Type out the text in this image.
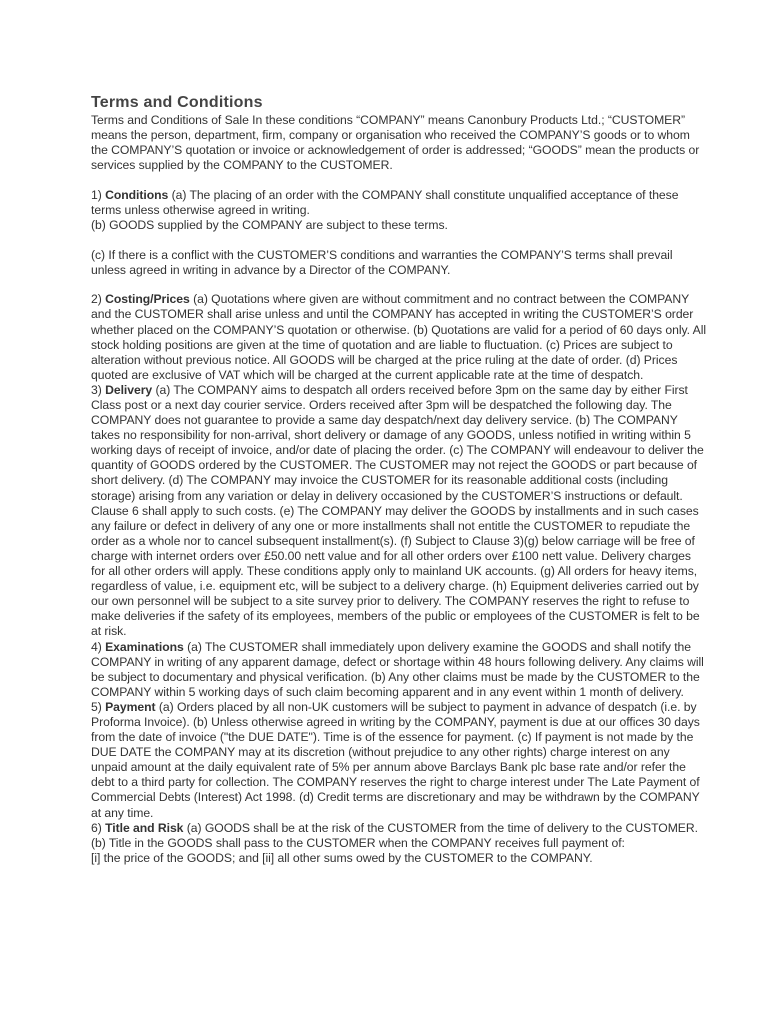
Terms and Conditions

Terms and Conditions of Sale In these conditions “COMPANY” means Canonbury Products Ltd.; “CUSTOMER” means the person, department, firm, company or organisation who received the COMPANY’S goods or to whom the COMPANY’S quotation or invoice or acknowledgement of order is addressed; “GOODS” mean the products or services supplied by the COMPANY to the CUSTOMER.

1) Conditions (a) The placing of an order with the COMPANY shall constitute unqualified acceptance of these terms unless otherwise agreed in writing.
(b) GOODS supplied by the COMPANY are subject to these terms.

(c) If there is a conflict with the CUSTOMER’S conditions and warranties the COMPANY’S terms shall prevail unless agreed in writing in advance by a Director of the COMPANY.

2) Costing/Prices (a) Quotations where given are without commitment and no contract between the COMPANY and the CUSTOMER shall arise unless and until the COMPANY has accepted in writing the CUSTOMER’S order whether placed on the COMPANY’S quotation or otherwise. (b) Quotations are valid for a period of 60 days only. All stock holding positions are given at the time of quotation and are liable to fluctuation. (c) Prices are subject to alteration without previous notice. All GOODS will be charged at the price ruling at the date of order. (d) Prices quoted are exclusive of VAT which will be charged at the current applicable rate at the time of despatch.

3) Delivery (a) The COMPANY aims to despatch all orders received before 3pm on the same day by either First Class post or a next day courier service. Orders received after 3pm will be despatched the following day. The COMPANY does not guarantee to provide a same day despatch/next day delivery service. (b) The COMPANY takes no responsibility for non-arrival, short delivery or damage of any GOODS, unless notified in writing within 5 working days of receipt of invoice, and/or date of placing the order. (c) The COMPANY will endeavour to deliver the quantity of GOODS ordered by the CUSTOMER. The CUSTOMER may not reject the GOODS or part because of short delivery. (d) The COMPANY may invoice the CUSTOMER for its reasonable additional costs (including storage) arising from any variation or delay in delivery occasioned by the CUSTOMER’S instructions or default. Clause 6 shall apply to such costs. (e) The COMPANY may deliver the GOODS by installments and in such cases any failure or defect in delivery of any one or more installments shall not entitle the CUSTOMER to repudiate the order as a whole nor to cancel subsequent installment(s). (f) Subject to Clause 3)(g) below carriage will be free of charge with internet orders over £50.00 nett value and for all other orders over £100 nett value. Delivery charges for all other orders will apply. These conditions apply only to mainland UK accounts. (g) All orders for heavy items, regardless of value, i.e. equipment etc, will be subject to a delivery charge. (h) Equipment deliveries carried out by our own personnel will be subject to a site survey prior to delivery. The COMPANY reserves the right to refuse to make deliveries if the safety of its employees, members of the public or employees of the CUSTOMER is felt to be at risk.

4) Examinations (a) The CUSTOMER shall immediately upon delivery examine the GOODS and shall notify the COMPANY in writing of any apparent damage, defect or shortage within 48 hours following delivery. Any claims will be subject to documentary and physical verification. (b) Any other claims must be made by the CUSTOMER to the COMPANY within 5 working days of such claim becoming apparent and in any event within 1 month of delivery.

5) Payment (a) Orders placed by all non-UK customers will be subject to payment in advance of despatch (i.e. by Proforma Invoice). (b) Unless otherwise agreed in writing by the COMPANY, payment is due at our offices 30 days from the date of invoice ("the DUE DATE"). Time is of the essence for payment. (c) If payment is not made by the DUE DATE the COMPANY may at its discretion (without prejudice to any other rights) charge interest on any unpaid amount at the daily equivalent rate of 5% per annum above Barclays Bank plc base rate and/or refer the debt to a third party for collection. The COMPANY reserves the right to charge interest under The Late Payment of Commercial Debts (Interest) Act 1998. (d) Credit terms are discretionary and may be withdrawn by the COMPANY at any time.

6) Title and Risk (a) GOODS shall be at the risk of the CUSTOMER from the time of delivery to the CUSTOMER. (b) Title in the GOODS shall pass to the CUSTOMER when the COMPANY receives full payment of:
[i] the price of the GOODS; and [ii] all other sums owed by the CUSTOMER to the COMPANY.
